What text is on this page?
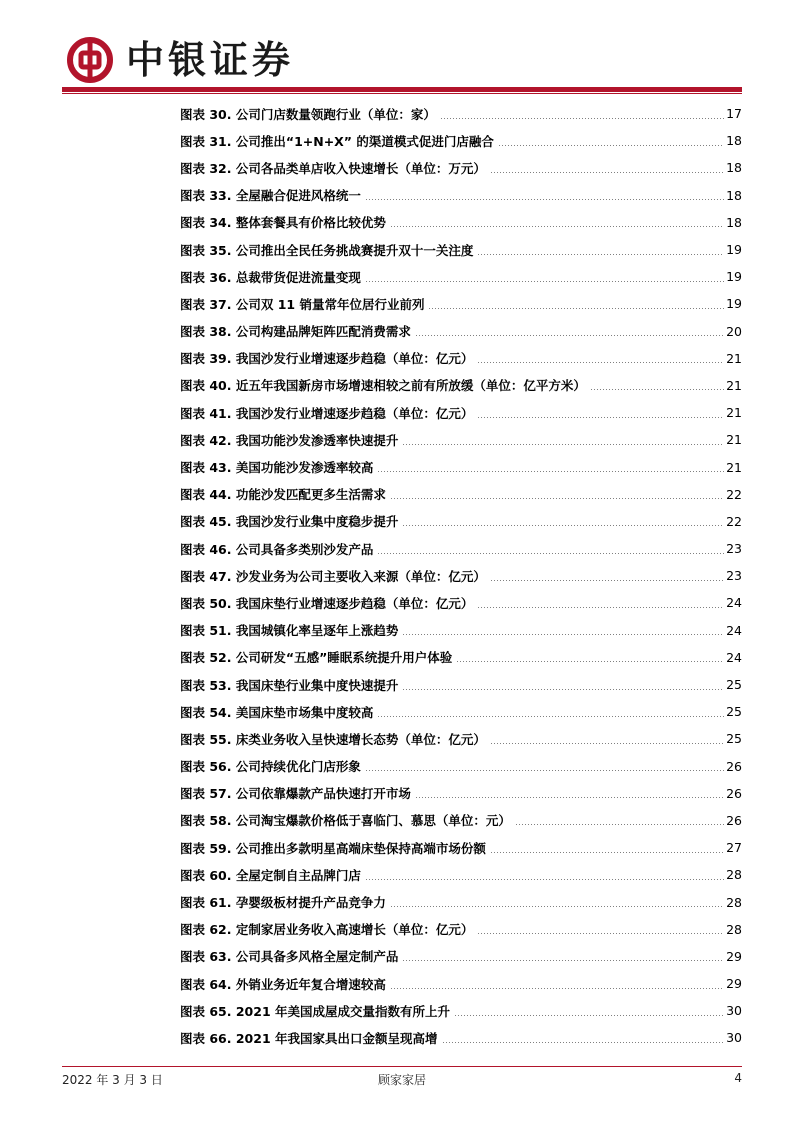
中银证券
图表 30. 公司门店数量领跑行业（单位：家）	17
图表 31. 公司推出“1+N+X” 的渠道模式促进门店融合	18
图表 32. 公司各品类单店收入快速增长（单位：万元）	18
图表 33. 全屋融合促进风格统一	18
图表 34. 整体套餐具有价格比较优势	18
图表 35. 公司推出全民任务挑战赛提升双十一关注度	19
图表 36. 总裁带货促进流量变现	19
图表 37. 公司双 11 销量常年位居行业前列	19
图表 38. 公司构建品牌矩阵匹配消费需求	20
图表 39. 我国沙发行业增速逐步趋稳（单位：亿元）	21
图表 40. 近五年我国新房市场增速相较之前有所放缓（单位：亿平方米）	21
图表 41. 我国沙发行业增速逐步趋稳（单位：亿元）	21
图表 42. 我国功能沙发渗透率快速提升	21
图表 43. 美国功能沙发渗透率较高	21
图表 44. 功能沙发匹配更多生活需求	22
图表 45. 我国沙发行业集中度稳步提升	22
图表 46. 公司具备多类别沙发产品	23
图表 47. 沙发业务为公司主要收入来源（单位：亿元）	23
图表 50. 我国床垫行业增速逐步趋稳（单位：亿元）	24
图表 51. 我国城镇化率呈逐年上涨趋势	24
图表 52. 公司研发“五感”睡眠系统提升用户体验	24
图表 53. 我国床垫行业集中度快速提升	25
图表 54. 美国床垫市场集中度较高	25
图表 55. 床类业务收入呈快速增长态势（单位：亿元）	25
图表 56. 公司持续优化门店形象	26
图表 57. 公司依靠爆款产品快速打开市场	26
图表 58. 公司淘宝爆款价格低于喜临门、慕思（单位：元）	26
图表 59. 公司推出多款明星高端床垫保持高端市场份额	27
图表 60. 全屋定制自主品牌门店	28
图表 61. 孕婴级板材提升产品竞争力	28
图表 62. 定制家居业务收入高速增长（单位：亿元）	28
图表 63. 公司具备多风格全屋定制产品	29
图表 64. 外销业务近年复合增速较高	29
图表 65. 2021 年美国成屋成交量指数有所上升	30
图表 66. 2021 年我国家具出口金额呈现高增	30
2022 年 3 月 3 日	顾家家居	4
